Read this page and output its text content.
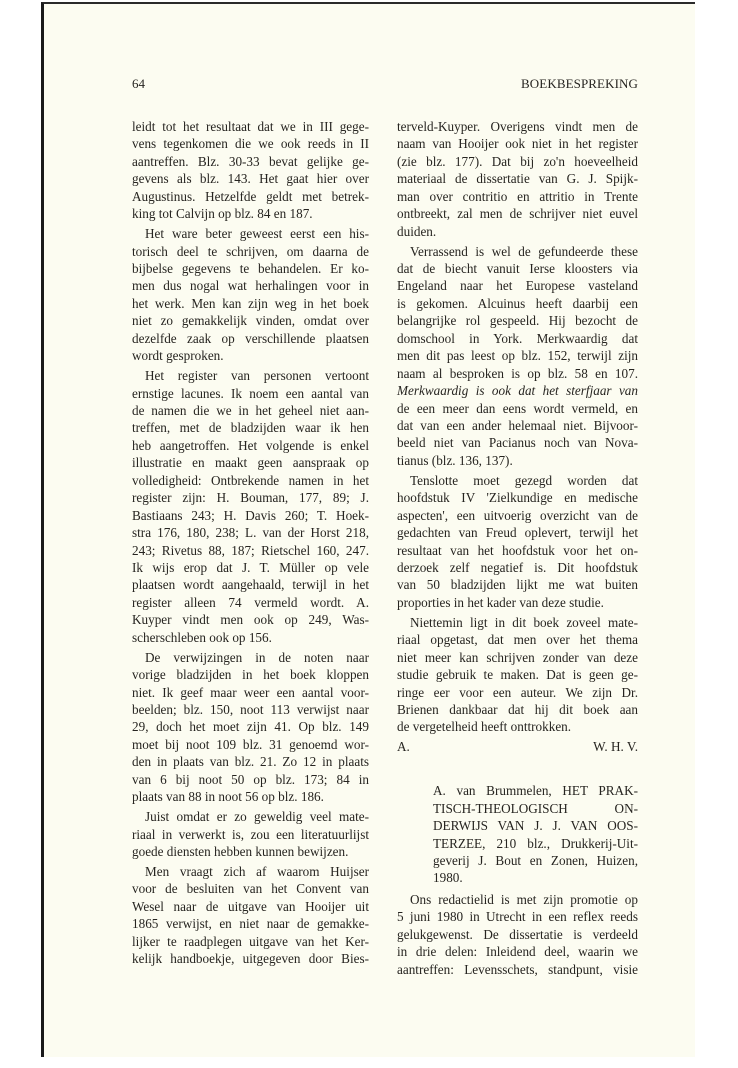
64	BOEKBESPREKING
leidt tot het resultaat dat we in III gege-
vens tegenkomen die we ook reeds in II
aantreffen. Blz. 30-33 bevat gelijke ge-
gevens als blz. 143. Het gaat hier over
Augustinus. Hetzelfde geldt met betrek-
king tot Calvijn op blz. 84 en 187.
Het ware beter geweest eerst een his-
torisch deel te schrijven, om daarna de
bijbelse gegevens te behandelen. Er ko-
men dus nogal wat herhalingen voor in
het werk. Men kan zijn weg in het boek
niet zo gemakkelijk vinden, omdat over
dezelfde zaak op verschillende plaatsen
wordt gesproken.
Het register van personen vertoont
ernstige lacunes. Ik noem een aantal van
de namen die we in het geheel niet aan-
treffen, met de bladzijden waar ik hen
heb aangetroffen. Het volgende is enkel
illustratie en maakt geen aanspraak op
volledigheid: Ontbrekende namen in het
register zijn: H. Bouman, 177, 89; J.
Bastiaans 243; H. Davis 260; T. Hoek-
stra 176, 180, 238; L. van der Horst 218,
243; Rivetus 88, 187; Rietschel 160, 247.
Ik wijs erop dat J. T. Müller op vele
plaatsen wordt aangehaald, terwijl in het
register alleen 74 vermeld wordt. A.
Kuyper vindt men ook op 249, Was-
scherschleben ook op 156.
De verwijzingen in de noten naar
vorige bladzijden in het boek kloppen
niet. Ik geef maar weer een aantal voor-
beelden; blz. 150, noot 113 verwijst naar
29, doch het moet zijn 41. Op blz. 149
moet bij noot 109 blz. 31 genoemd wor-
den in plaats van blz. 21. Zo 12 in plaats
van 6 bij noot 50 op blz. 173; 84 in
plaats van 88 in noot 56 op blz. 186.
Juist omdat er zo geweldig veel mate-
riaal in verwerkt is, zou een literatuurlijst
goede diensten hebben kunnen bewijzen.
Men vraagt zich af waarom Huijser
voor de besluiten van het Convent van
Wesel naar de uitgave van Hooijer uit
1865 verwijst, en niet naar de gemakke-
lijker te raadplegen uitgave van het Ker-
kelijk handboekje, uitgegeven door Bies-
terveld-Kuyper. Overigens vindt men de
naam van Hooijer ook niet in het register
(zie blz. 177). Dat bij zo'n hoeveelheid
materiaal de dissertatie van G. J. Spijk-
man over contritio en attritio in Trente
ontbreekt, zal men de schrijver niet euvel
duiden.
Verrassend is wel de gefundeerde these
dat de biecht vanuit Ierse kloosters via
Engeland naar het Europese vasteland
is gekomen. Alcuinus heeft daarbij een
belangrijke rol gespeeld. Hij bezocht de
domschool in York. Merkwaardig dat
men dit pas leest op blz. 152, terwijl zijn
naam al besproken is op blz. 58 en 107.
Merkwaardig is ook dat het sterfjaar van
de een meer dan eens wordt vermeld, en
dat van een ander helemaal niet. Bijvoor-
beeld niet van Pacianus noch van Nova-
tianus (blz. 136, 137).
Tenslotte moet gezegd worden dat
hoofdstuk IV 'Zielkundige en medische
aspecten', een uitvoerig overzicht van de
gedachten van Freud oplevert, terwijl het
resultaat van het hoofdstuk voor het on-
derzoek zelf negatief is. Dit hoofdstuk
van 50 bladzijden lijkt me wat buiten
proporties in het kader van deze studie.
Niettemin ligt in dit boek zoveel mate-
riaal opgetast, dat men over het thema
niet meer kan schrijven zonder van deze
studie gebruik te maken. Dat is geen ge-
ringe eer voor een auteur. We zijn Dr.
Brienen dankbaar dat hij dit boek aan
de vergetelheid heeft onttrokken.
A.	W. H. V.
A. van Brummelen, HET PRAK-
TISCH-THEOLOGISCH ON-
DERWIJS VAN J. J. VAN OOS-
TERZEE, 210 blz., Drukkerij-Uit-
geverij J. Bout en Zonen, Huizen,
1980.
Ons redactielid is met zijn promotie op
5 juni 1980 in Utrecht in een reflex reeds
gelukgewenst. De dissertatie is verdeeld
in drie delen: Inleidend deel, waarin we
aantreffen: Levensschets, standpunt, visie
